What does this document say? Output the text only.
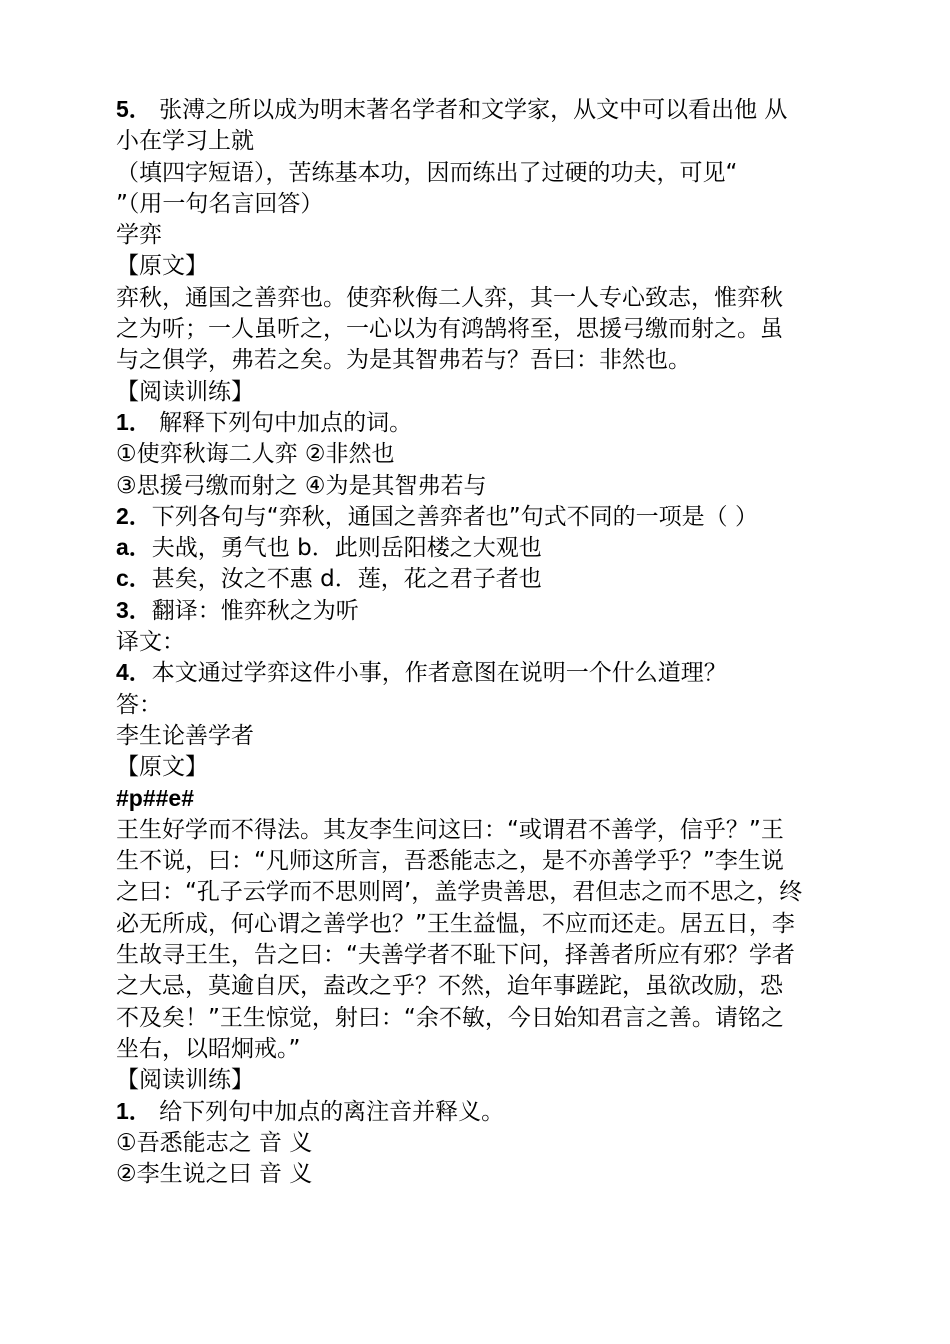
5． 张溥之所以成为明末著名学者和文学家，从文中可以看出他 从
小在学习上就
（填四字短语），苦练基本功，因而练出了过硬的功夫，可见“
”（用一句名言回答）
学弈
【原文】
弈秋，通国之善弈也。使弈秋侮二人弈，其一人专心致志，惟弈秋
之为听；一人虽听之，一心以为有鸿鹄将至，思援弓缴而射之。虽
与之俱学，弗若之矣。为是其智弗若与？吾曰：非然也。
【阅读训练】
1． 解释下列句中加点的词。
①使弈秋诲二人弈 ②非然也
③思援弓缴而射之 ④为是其智弗若与
2．下列各句与“弈秋，通国之善弈者也”句式不同的一项是（ ）
a．夫战，勇气也 b．此则岳阳楼之大观也
c．甚矣，汝之不惠 d．莲，花之君子者也
3．翻译：惟弈秋之为听
译文：
4．本文通过学弈这件小事，作者意图在说明一个什么道理？
答：
李生论善学者
【原文】
#p##e#
王生好学而不得法。其友李生问这曰：“或谓君不善学，信乎？”王
生不说，曰：“凡师这所言，吾悉能志之，是不亦善学乎？”李生说
之曰：“孔子云学而不思则罔’，盖学贵善思，君但志之而不思之，终
必无所成，何心谓之善学也？”王生益愠，不应而还走。居五日，李
生故寻王生，告之曰：“夫善学者不耻下问，择善者所应有邪？学者
之大忌，莫逾自厌，盍改之乎？不然，迨年事蹉跎，虽欲改励，恐
不及矣！”王生惊觉，射曰：“余不敏，今日始知君言之善。请铭之
坐右，以昭炯戒。”
【阅读训练】
1． 给下列句中加点的离注音并释义。
①吾悉能志之 音 义
②李生说之曰 音 义
